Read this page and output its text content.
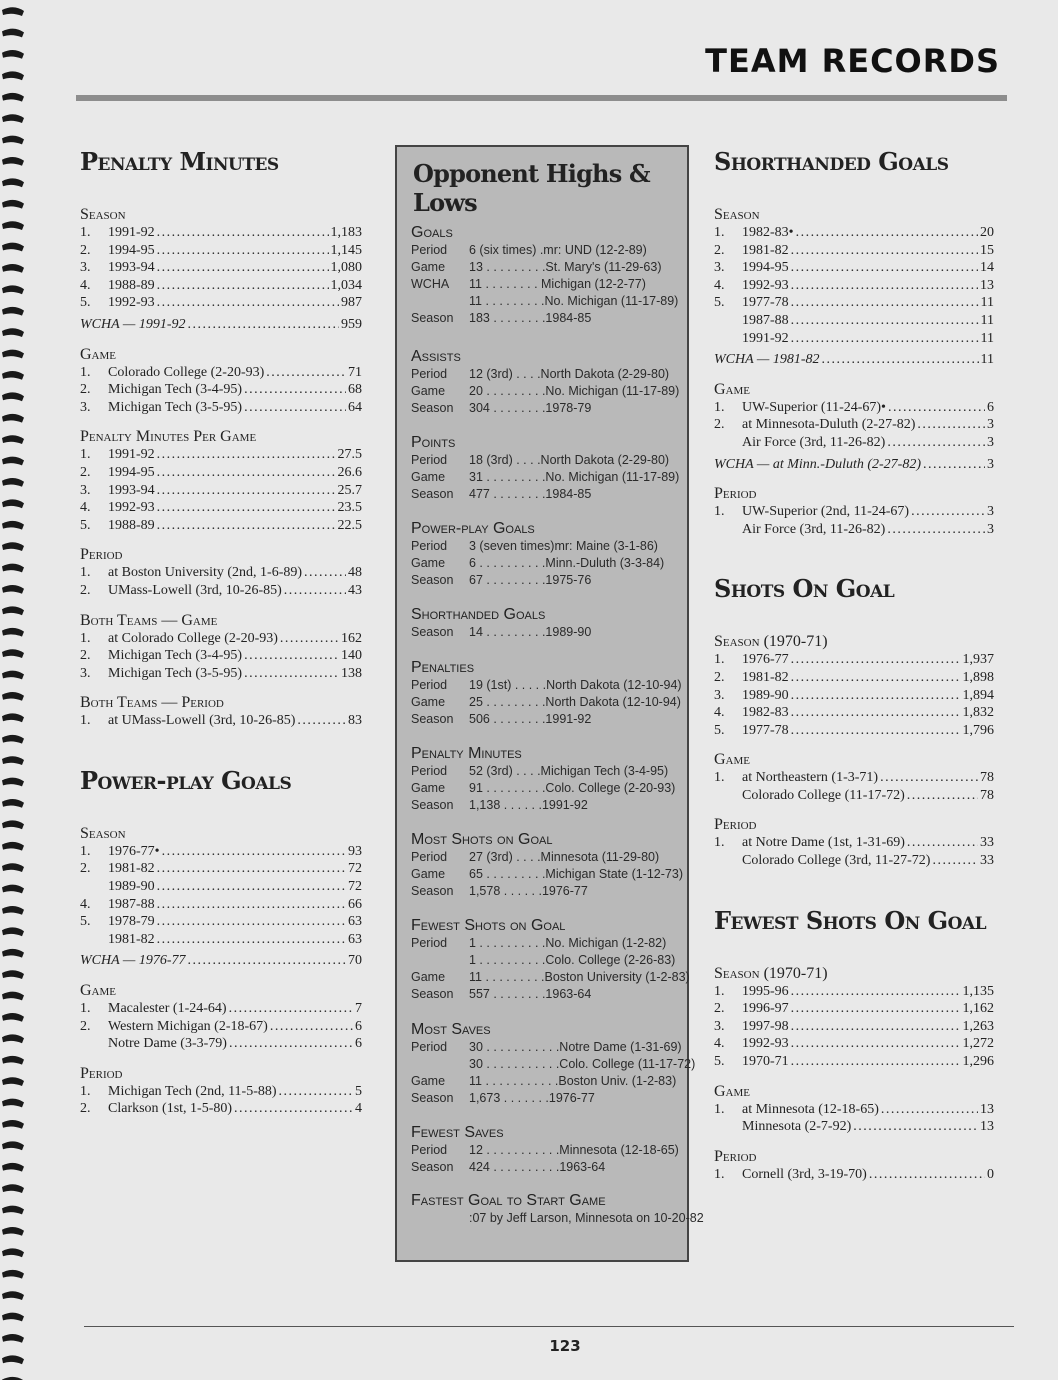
TEAM RECORDS
Penalty Minutes

Season

1.	1991-92 . . .	1,183
2.	1994-95 . . .	1,145
3.	1993-94 . . .	1,080
4.	1988-89 . . .	1,034
5.	1992-93 . . .	987
WCHA — 1991-92 . . .	959

Game

1.	Colorado College (2-20-93) . . .	71
2.	Michigan Tech (3-4-95) . . .	68
3.	Michigan Tech (3-5-95) . . .	64

Penalty Minutes Per Game

1.	1991-92 . . .	27.5
2.	1994-95 . . .	26.6
3.	1993-94 . . .	25.7
4.	1992-93 . . .	23.5
5.	1988-89 . . .	22.5

Period

1.	at Boston University (2nd, 1-6-89) . . .	48
2.	UMass-Lowell (3rd, 10-26-85) . . .	43

Both Teams — Game

1.	at Colorado College (2-20-93) . . .	162
2.	Michigan Tech (3-4-95) . . .	140
3.	Michigan Tech (3-5-95) . . .	138

Both Teams — Period

1.	at UMass-Lowell (3rd, 10-26-85) . . .	83
Power-play Goals

Season

1.	1976-77• . . .	93
2.	1981-82 . . .	72
1989-90 . . .	72
4.	1987-88 . . .	66
5.	1978-79 . . .	63
1981-82 . . .	63
WCHA — 1976-77 . . .	70

Game

1.	Macalester (1-24-64) . . .	7
2.	Western Michigan (2-18-67) . . .	6
Notre Dame (3-3-79) . . .	6

Period

1.	Michigan Tech (2nd, 11-5-88) . . .	5
2.	Clarkson (1st, 1-5-80) . . .	4
Opponent Highs & Lows

Goals

Period	6 (six times) .mr: UND (12-2-89)
Game	13 . . . . . . . . .St. Mary's (11-29-63)
WCHA	11 . . . . . . . . Michigan (12-2-77)
11 . . . . . . . . .No. Michigan (11-17-89)
Season	183 . . . . . . . .1984-85

Assists

Period	12 (3rd) . . . .North Dakota (2-29-80)
Game	20 . . . . . . . . .No. Michigan (11-17-89)
Season	304 . . . . . . . .1978-79

Points

Period	18 (3rd) . . . .North Dakota (2-29-80)
Game	31 . . . . . . . . .No. Michigan (11-17-89)
Season	477 . . . . . . . .1984-85

Power-play Goals

Period	3 (seven times)mr: Maine (3-1-86)
Game	6 . . . . . . . . . .Minn.-Duluth (3-3-84)
Season	67 . . . . . . . . .1975-76

Shorthanded Goals

Season	14 . . . . . . . . .1989-90

Penalties

Period	19 (1st) . . . . .North Dakota (12-10-94)
Game	25 . . . . . . . . .North Dakota (12-10-94)
Season	506 . . . . . . . .1991-92

Penalty Minutes

Period	52 (3rd) . . . .Michigan Tech (3-4-95)
Game	91 . . . . . . . . .Colo. College (2-20-93)
Season	1,138 . . . . . .1991-92

Most Shots on Goal

Period	27 (3rd) . . . .Minnesota (11-29-80)
Game	65 . . . . . . . . .Michigan State (1-12-73)
Season	1,578 . . . . . .1976-77

Fewest Shots on Goal

Period	1 . . . . . . . . . .No. Michigan (1-2-82)
1 . . . . . . . . . .Colo. College (2-26-83)
Game	11 . . . . . . . . .Boston University (1-2-83)
Season	557 . . . . . . . .1963-64

Most Saves

Period	30 . . . . . . . . . . .Notre Dame (1-31-69)
30 . . . . . . . . . . .Colo. College (11-17-72)
Game	11 . . . . . . . . . . .Boston Univ. (1-2-83)
Season	1,673 . . . . . . .1976-77

Fewest Saves

Period	12 . . . . . . . . . . .Minnesota (12-18-65)
Season	424 . . . . . . . . . .1963-64

Fastest Goal to Start Game

:07 by Jeff Larson, Minnesota on 10-20-82
Shorthanded Goals

Season

1.	1982-83• . . .	20
2.	1981-82 . . .	15
3.	1994-95 . . .	14
4.	1992-93 . . .	13
5.	1977-78 . . .	11
1987-88 . . .	11
1991-92 . . .	11
WCHA — 1981-82 . . .	11

Game

1.	UW-Superior (11-24-67)• . . .	6
2.	at Minnesota-Duluth (2-27-82) . . .	3
Air Force (3rd, 11-26-82) . . .	3
WCHA — at Minn.-Duluth (2-27-82) . . .	3

Period

1.	UW-Superior (2nd, 11-24-67) . . .	3
Air Force (3rd, 11-26-82) . . .	3
Shots On Goal

Season (1970-71)

1.	1976-77 . . .	1,937
2.	1981-82 . . .	1,898
3.	1989-90 . . .	1,894
4.	1982-83 . . .	1,832
5.	1977-78 . . .	1,796

Game

1.	at Northeastern (1-3-71) . . .	78
Colorado College (11-17-72) . . .	78

Period

1.	at Notre Dame (1st, 1-31-69) . . .	33
Colorado College (3rd, 11-27-72) . . .	33
Fewest Shots On Goal

Season (1970-71)

1.	1995-96 . . .	1,135
2.	1996-97 . . .	1,162
3.	1997-98 . . .	1,263
4.	1992-93 . . .	1,272
5.	1970-71 . . .	1,296

Game

1.	at Minnesota (12-18-65) . . .	13
Minnesota (2-7-92) . . .	13

Period

1.	Cornell (3rd, 3-19-70) . . .	0
123
